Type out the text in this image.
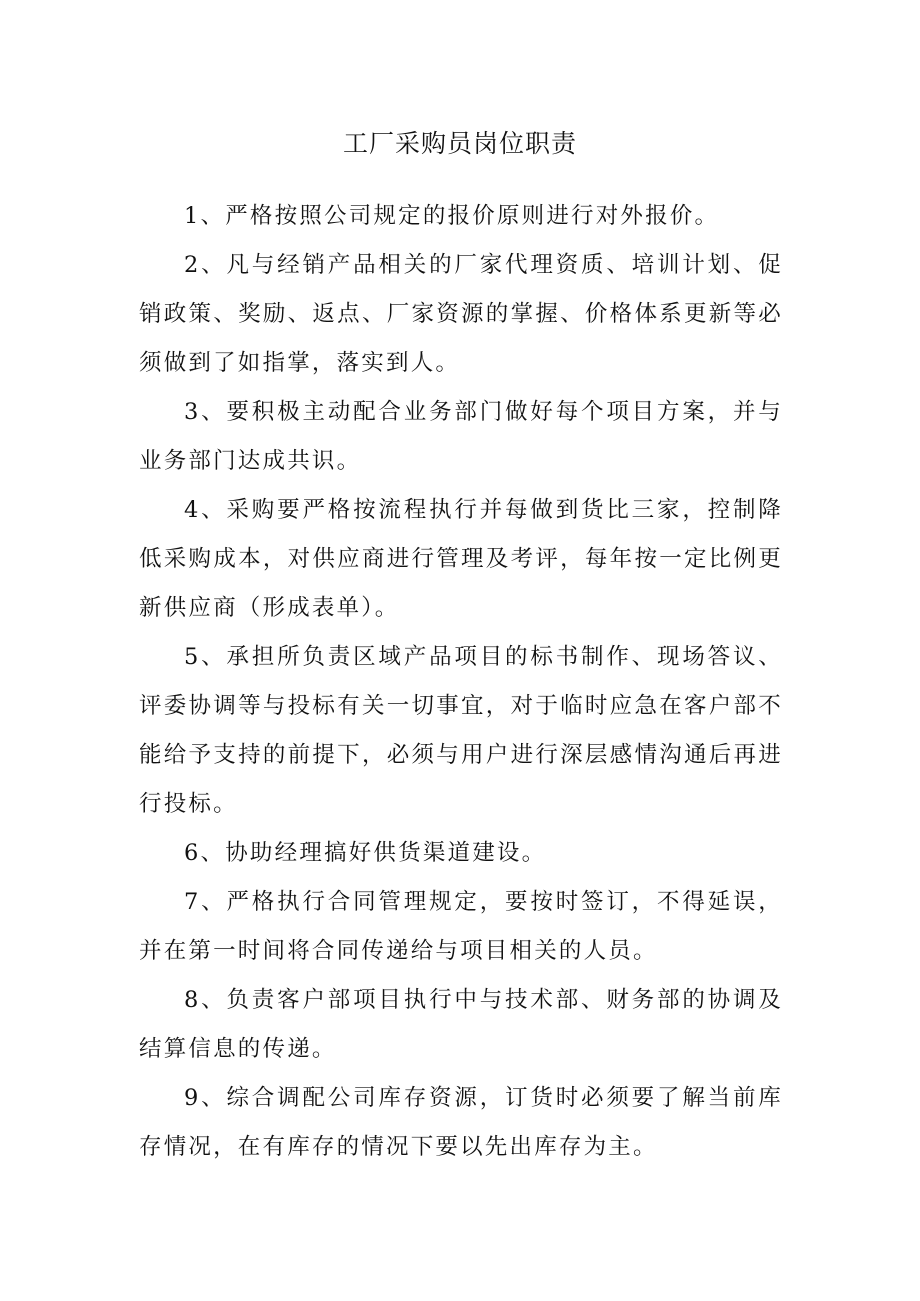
工厂采购员岗位职责

1、严格按照公司规定的报价原则进行对外报价。

2、凡与经销产品相关的厂家代理资质、培训计划、促销政策、奖励、返点、厂家资源的掌握、价格体系更新等必须做到了如指掌，落实到人。

3、要积极主动配合业务部门做好每个项目方案，并与业务部门达成共识。

4、采购要严格按流程执行并每做到货比三家，控制降低采购成本，对供应商进行管理及考评，每年按一定比例更新供应商（形成表单）。

5、承担所负责区域产品项目的标书制作、现场答议、评委协调等与投标有关一切事宜，对于临时应急在客户部不能给予支持的前提下，必须与用户进行深层感情沟通后再进行投标。

6、协助经理搞好供货渠道建设。

7、严格执行合同管理规定，要按时签订，不得延误，并在第一时间将合同传递给与项目相关的人员。

8、负责客户部项目执行中与技术部、财务部的协调及结算信息的传递。

9、综合调配公司库存资源，订货时必须要了解当前库存情况，在有库存的情况下要以先出库存为主。
